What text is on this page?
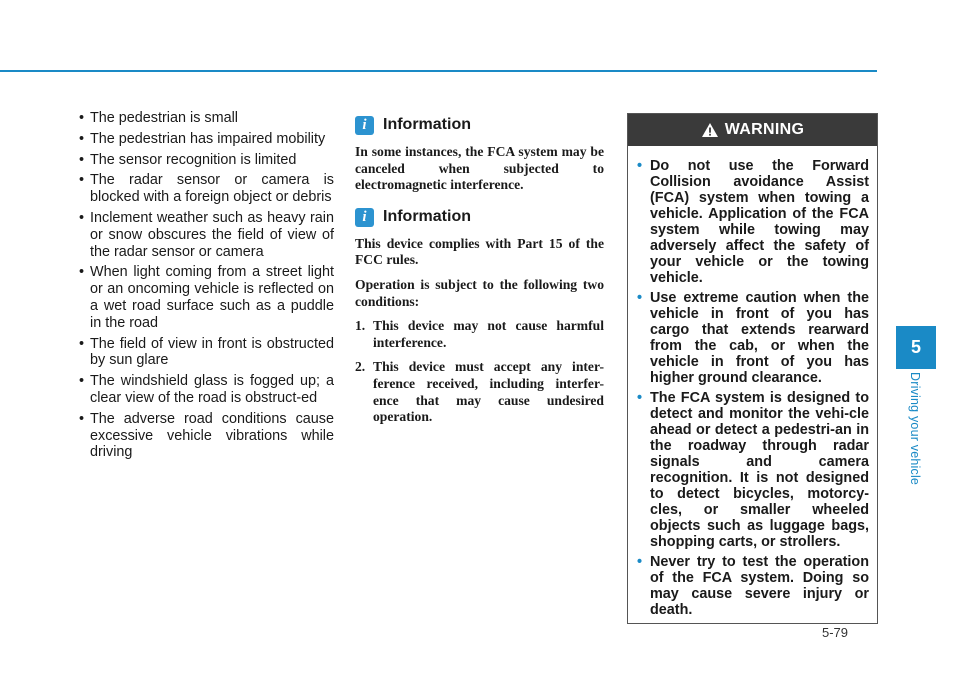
• The pedestrian is small
• The pedestrian has impaired mobility
• The sensor recognition is limited
• The radar sensor or camera is blocked with a foreign object or debris
• Inclement weather such as heavy rain or snow obscures the field of view of the radar sensor or camera
• When light coming from a street light or an oncoming vehicle is reflected on a wet road surface such as a puddle in the road
• The field of view in front is obstructed by sun glare
• The windshield glass is fogged up; a clear view of the road is obstruct-ed
• The adverse road conditions cause excessive vehicle vibrations while driving
i	Information

In some instances, the FCA system may be canceled when subjected to electromagnetic interference.

i	Information

This device complies with Part 15 of the FCC rules.

Operation is subject to the following two conditions:

1. This device may not cause harmful interference.
2. This device must accept any inter-ference received, including interfer-ence that may cause undesired operation.
WARNING
• Do not use the Forward Collision avoidance Assist (FCA) system when towing a vehicle. Application of the FCA system while towing may adversely affect the safety of your vehicle or the towing vehicle.
• Use extreme caution when the vehicle in front of you has cargo that extends rearward from the cab, or when the vehicle in front of you has higher ground clearance.
• The FCA system is designed to detect and monitor the vehi-cle ahead or detect a pedestri-an in the roadway through radar signals and camera recognition. It is not designed to detect bicycles, motorcy-cles, or smaller wheeled objects such as luggage bags, shopping carts, or strollers.
• Never try to test the operation of the FCA system. Doing so may cause severe injury or death.
5
Driving your vehicle
5-79
